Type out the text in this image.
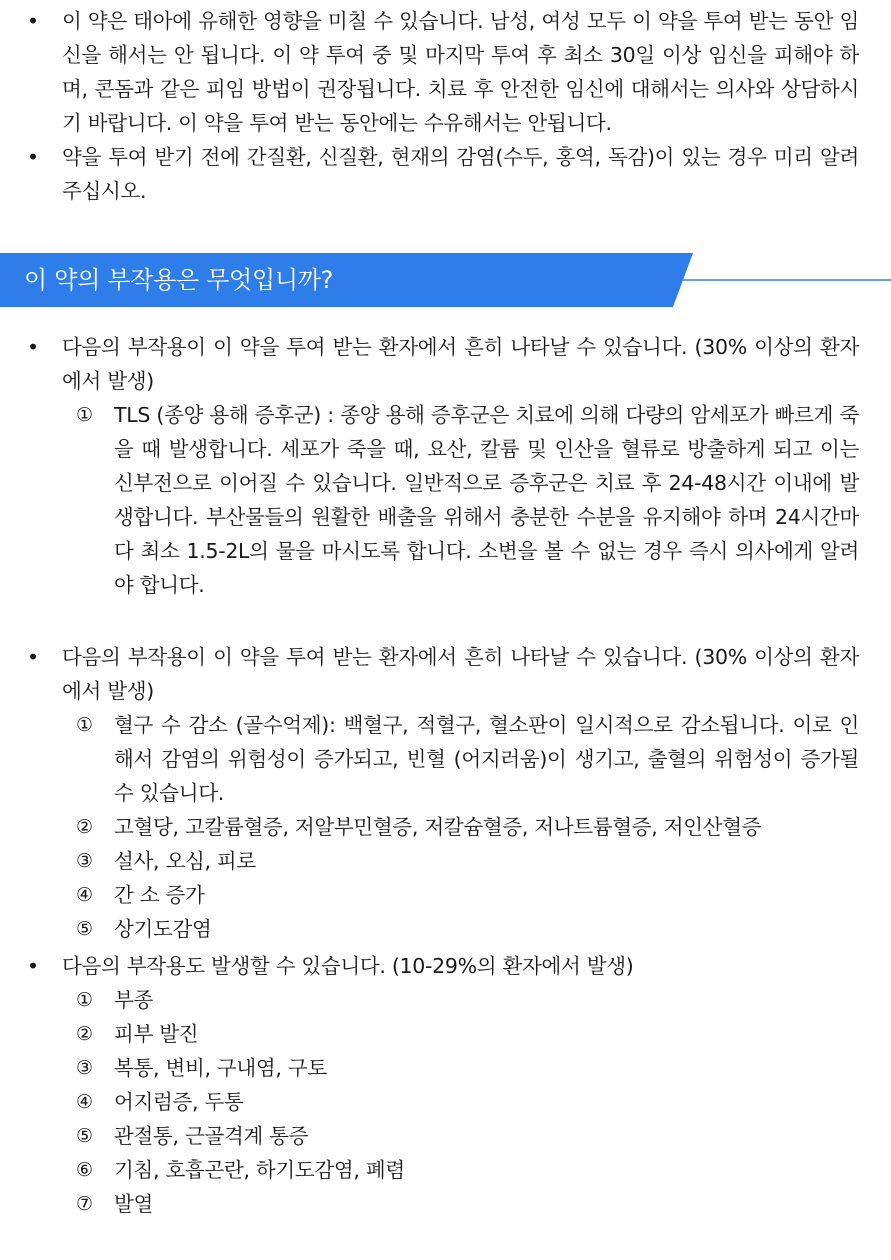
• 이 약은 태아에 유해한 영향을 미칠 수 있습니다. 남성, 여성 모두 이 약을 투여 받는 동안 임신을 해서는 안 됩니다. 이 약 투여 중 및 마지막 투여 후 최소 30일 이상 임신을 피해야 하며, 콘돔과 같은 피임 방법이 권장됩니다. 치료 후 안전한 임신에 대해서는 의사와 상담하시기 바랍니다. 이 약을 투여 받는 동안에는 수유해서는 안됩니다.
• 약을 투여 받기 전에 간질환, 신질환, 현재의 감염(수두, 홍역, 독감)이 있는 경우 미리 알려주십시오.
이 약의 부작용은 무엇입니까?
• 다음의 부작용이 이 약을 투여 받는 환자에서 흔히 나타날 수 있습니다. (30% 이상의 환자에서 발생)
① TLS (종양 용해 증후군) : 종양 용해 증후군은 치료에 의해 다량의 암세포가 빠르게 죽을 때 발생합니다. 세포가 죽을 때, 요산, 칼륨 및 인산을 혈류로 방출하게 되고 이는 신부전으로 이어질 수 있습니다. 일반적으로 증후군은 치료 후 24-48시간 이내에 발생합니다. 부산물들의 원활한 배출을 위해서 충분한 수분을 유지해야 하며 24시간마다 최소 1.5-2L의 물을 마시도록 합니다. 소변을 볼 수 없는 경우 즉시 의사에게 알려야 합니다.
• 다음의 부작용이 이 약을 투여 받는 환자에서 흔히 나타날 수 있습니다. (30% 이상의 환자에서 발생)
① 혈구 수 감소 (골수억제): 백혈구, 적혈구, 혈소판이 일시적으로 감소됩니다. 이로 인해서 감염의 위험성이 증가되고, 빈혈 (어지러움)이 생기고, 출혈의 위험성이 증가될 수 있습니다.
② 고혈당, 고칼륨혈증, 저알부민혈증, 저칼슘혈증, 저나트륨혈증, 저인산혈증
③ 설사, 오심, 피로
④ 간 소 증가
⑤ 상기도감염
• 다음의 부작용도 발생할 수 있습니다. (10-29%의 환자에서 발생)
① 부종
② 피부 발진
③ 복통, 변비, 구내염, 구토
④ 어지럼증, 두통
⑤ 관절통, 근골격계 통증
⑥ 기침, 호흡곤란, 하기도감염, 폐렴
⑦ 발열
